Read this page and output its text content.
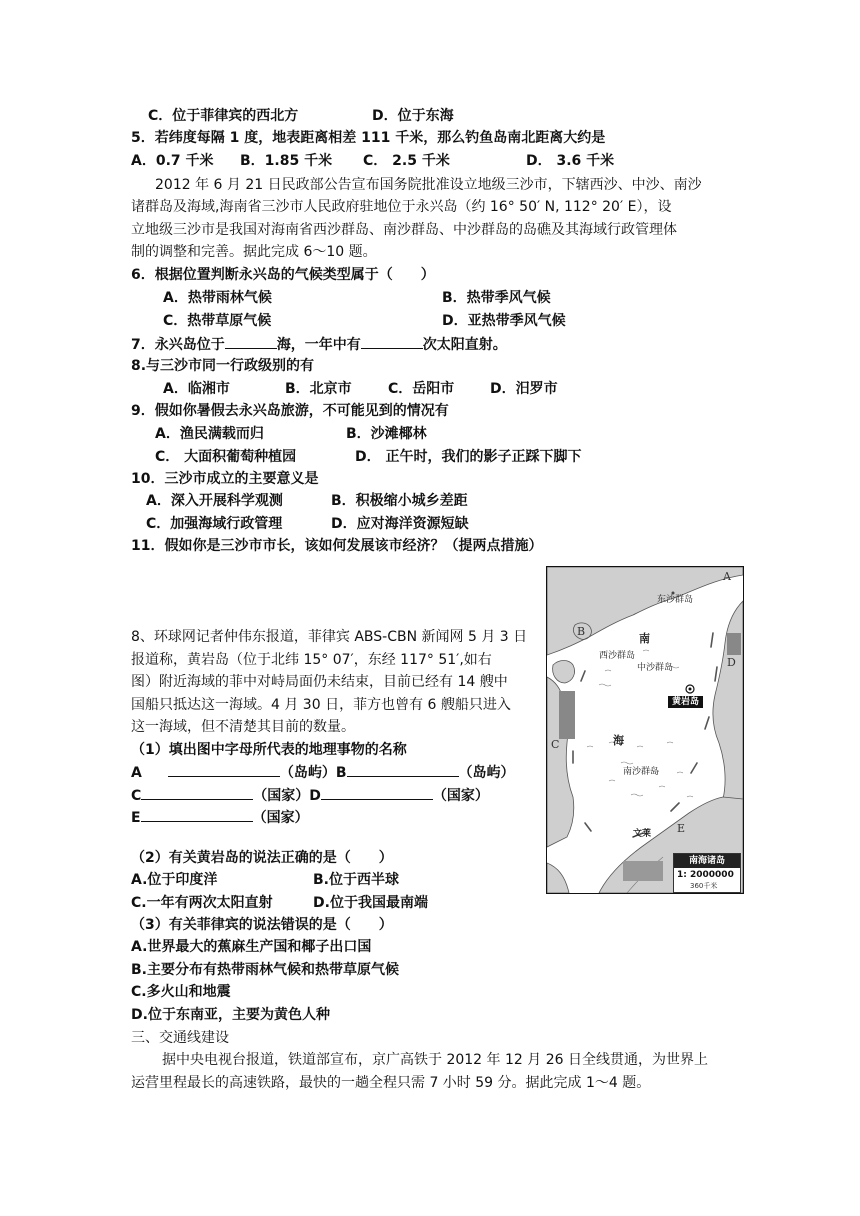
C．位于菲律宾的西北方	D．位于东海
5．若纬度每隔 1 度，地表距离相差 111 千米，那么钓鱼岛南北距离大约是
A．0.7 千米 B．1.85 千米 C． 2.5 千米	D． 3.6 千米
2012 年 6 月 21 日民政部公告宣布国务院批准设立地级三沙市，下辖西沙、中沙、南沙
诸群岛及海域,海南省三沙市人民政府驻地位于永兴岛（约 16° 50′ N, 112° 20′ E），设
立地级三沙市是我国对海南省西沙群岛、南沙群岛、中沙群岛的岛礁及其海域行政管理体
制的调整和完善。据此完成 6～10 题。
6．根据位置判断永兴岛的气候类型属于（　　）
A．热带雨林气候	B．热带季风气候
C．热带草原气候	D．亚热带季风气候
7．永兴岛位于	海，一年中有	次太阳直射。
8.与三沙市同一行政级别的有
A．临湘市	B．北京市	C．岳阳市	D．汨罗市
9．假如你暑假去永兴岛旅游，不可能见到的情况有
A．渔民满载而归	B．沙滩椰林
C． 大面积葡萄种植园	D． 正午时，我们的影子正踩下脚下
10．三沙市成立的主要意义是
A．深入开展科学观测	B．积极缩小城乡差距
C．加强海域行政管理	D．应对海洋资源短缺
11．假如你是三沙市市长，该如何发展该市经济？（提两点措施）
8、环球网记者仲伟东报道，菲律宾 ABS-CBN 新闻网 5 月 3 日
报道称，黄岩岛（位于北纬 15° 07′，东经 117° 51′,如右
图）附近海域的菲中对峙局面仍未结束，目前已经有 14 艘中
国船只抵达这一海域。4 月 30 日，菲方也曾有 6 艘船只进入
这一海域，但不清楚其目前的数量。
（1）填出图中字母所代表的地理事物的名称
A	（岛屿）B	（岛屿）
C	（国家）D	（国家）
E	（国家）
（2）有关黄岩岛的说法正确的是（　　）
A.位于印度洋	B.位于西半球
C.一年有两次太阳直射	D.位于我国最南端
（3）有关菲律宾的说法错误的是（　　）
A.世界最大的蕉麻生产国和椰子出口国
B.主要分布有热带雨林气候和热带草原气候
C.多火山和地震
D.位于东南亚，主要为黄色人种
三、交通线建设
据中央电视台报道，铁道部宣布，京广高铁于 2012 年 12 月 26 日全线贯通，为世界上
运营里程最长的高速铁路，最快的一趟全程只需 7 小时 59 分。据此完成 1～4 题。
东沙群岛
南
西沙群岛
中沙群岛
黄岩岛
海
南沙群岛
文莱
A
B
C
D
E
南海诸岛
1: 2000000
360千米
